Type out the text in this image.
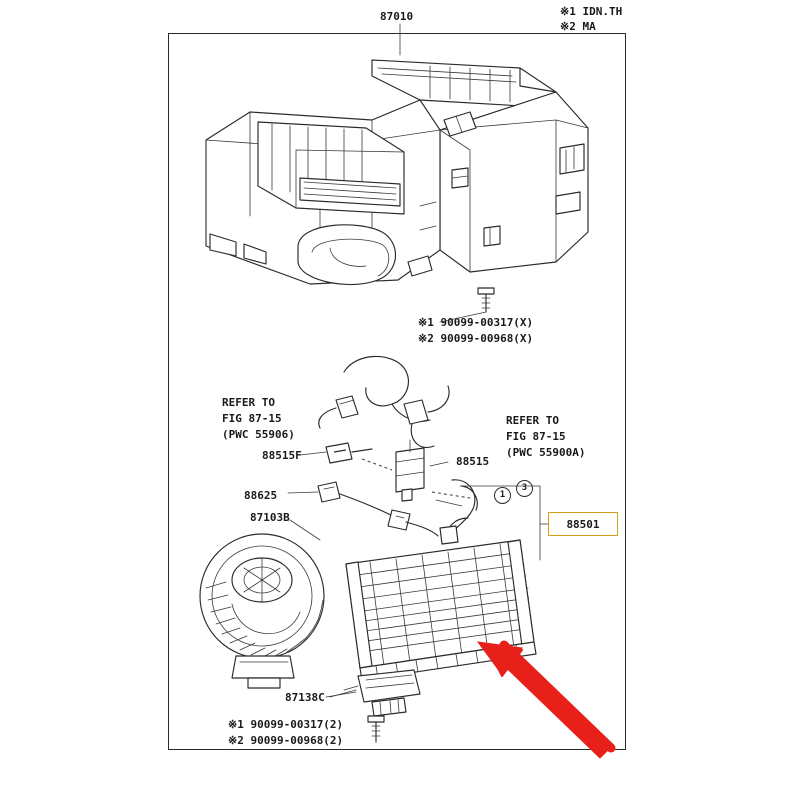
87010	※1 IDN.TH
※2 MA
※1 90099-00317(X)
※2 90099-00968(X)
REFER TO
FIG 87-15
(PWC 55906)
REFER TO
FIG 87-15
(PWC 55900A)
88515F	88515
88625
87103B
87138C
※1 90099-00317(2)
※2 90099-00968(2)
88501
1
3
